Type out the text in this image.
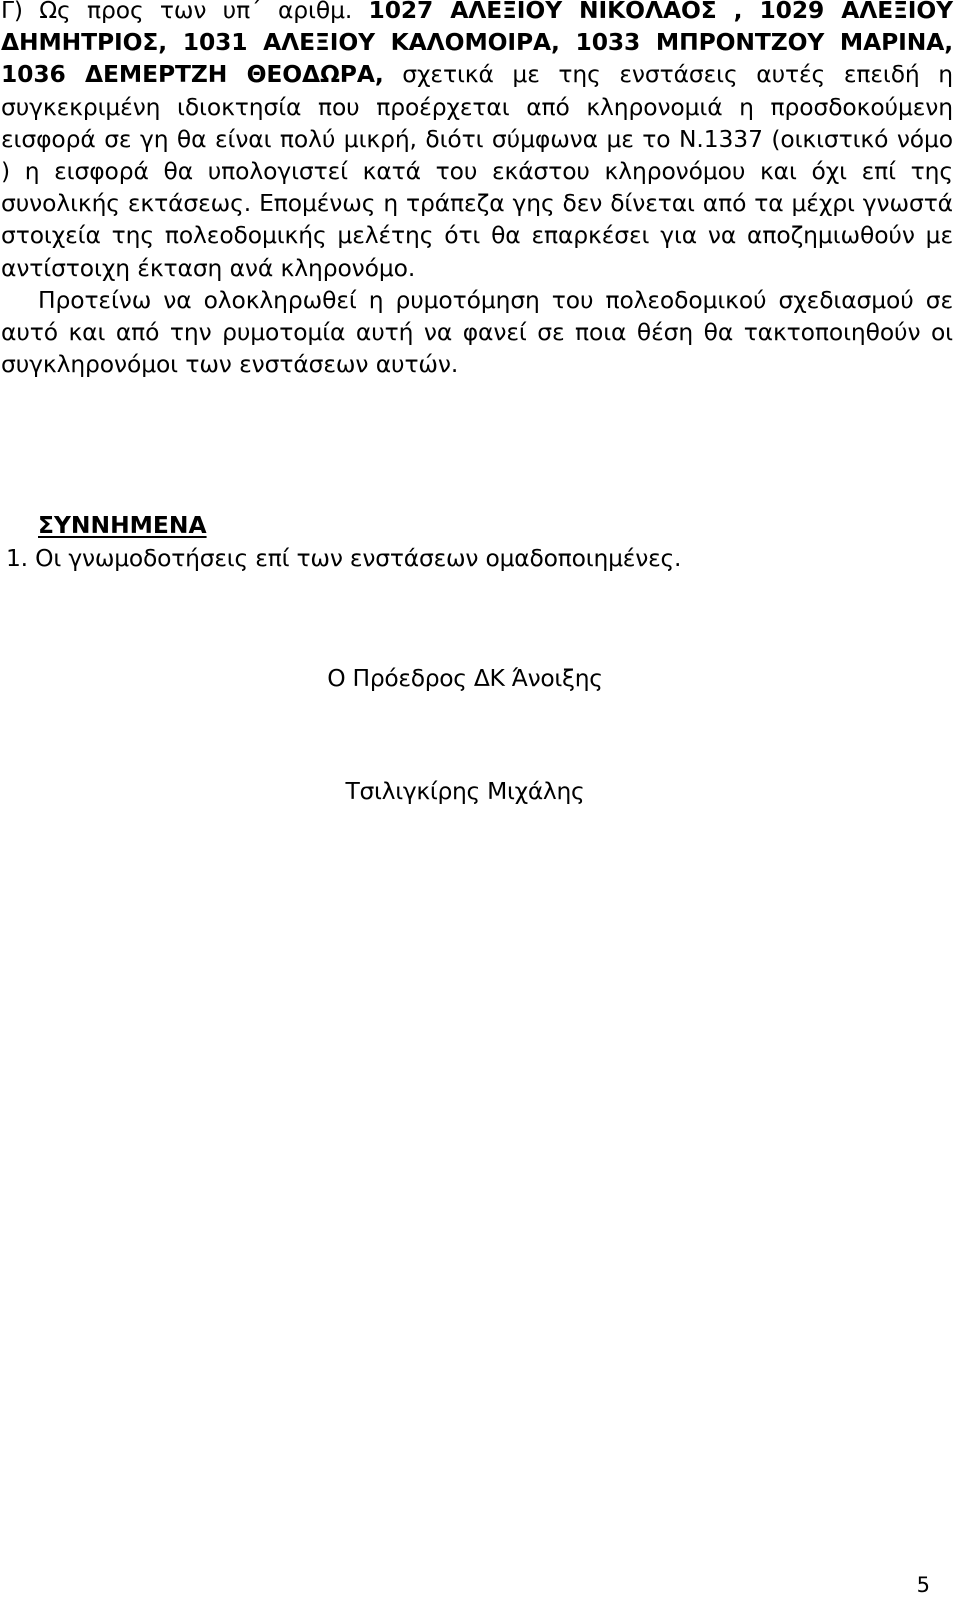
Γ) Ως προς των υπ΄ αριθμ. 1027 ΑΛΕΞΙΟΥ ΝΙΚΟΛΑΟΣ , 1029 ΑΛΕΞΙΟΥ ΔΗΜΗΤΡΙΟΣ, 1031 ΑΛΕΞΙΟΥ ΚΑΛΟΜΟΙΡΑ, 1033 ΜΠΡΟΝΤΖΟΥ ΜΑΡΙΝΑ, 1036 ΔΕΜΕΡΤΖΗ ΘΕΟΔΩΡΑ, σχετικά με της ενστάσεις αυτές επειδή η συγκεκριμένη ιδιοκτησία που προέρχεται από κληρονομιά η προσδοκούμενη εισφορά σε γη θα είναι πολύ μικρή, διότι σύμφωνα με το Ν.1337 (οικιστικό νόμο ) η εισφορά θα υπολογιστεί κατά του εκάστου κληρονόμου και όχι επί της συνολικής εκτάσεως. Επομένως η τράπεζα γης δεν δίνεται από τα μέχρι γνωστά στοιχεία της πολεοδομικής μελέτης ότι θα επαρκέσει για να αποζημιωθούν με αντίστοιχη έκταση ανά κληρονόμο.

Προτείνω να ολοκληρωθεί η ρυμοτόμηση του πολεοδομικού σχεδιασμού σε αυτό και από την ρυμοτομία αυτή να φανεί σε ποια θέση θα τακτοποιηθούν οι συγκληρονόμοι των ενστάσεων αυτών.

ΣΥΝΝΗΜΕΝΑ

1. Οι γνωμοδοτήσεις επί των ενστάσεων ομαδοποιημένες.

Ο Πρόεδρος ΔΚ Άνοιξης

Τσιλιγκίρης Μιχάλης

5
